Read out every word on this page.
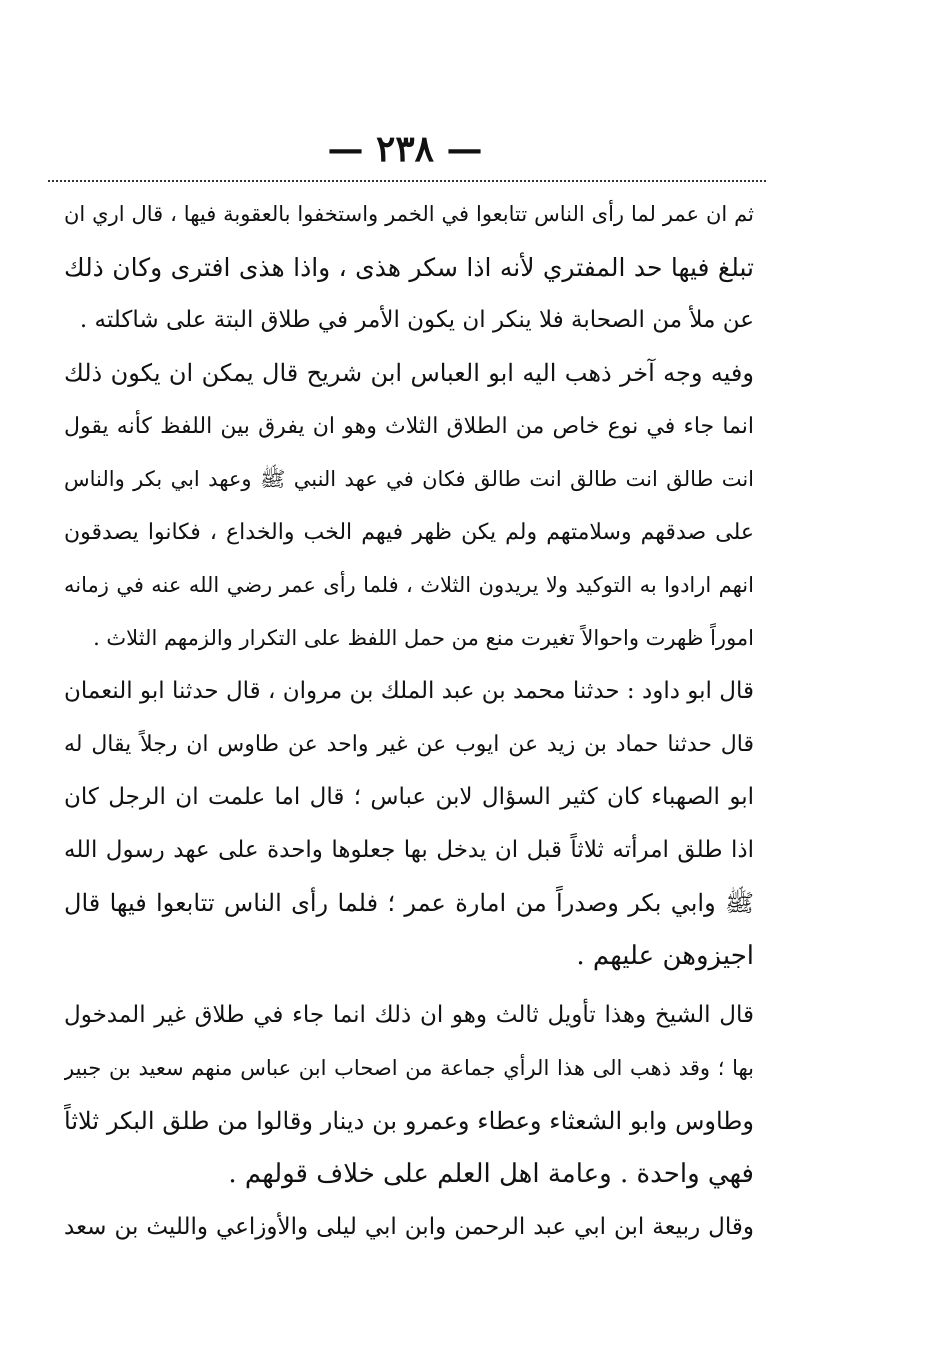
— ٢٣٨ —
ثم ان عمر لما رأى الناس تتابعوا في الخمر واستخفوا بالعقوبة فيها ، قال اري ان
تبلغ فيها حد المفتري لأنه اذا سكر هذى ، واذا هذى افترى وكان ذلك
عن ملأ من الصحابة فلا ينكر ان يكون الأمر في طلاق البتة على شاكلته .
وفيه وجه آخر ذهب اليه ابو العباس ابن شريح قال يمكن ان يكون ذلك
انما جاء في نوع خاص من الطلاق الثلاث وهو ان يفرق بين اللفظ كأنه يقول
انت طالق انت طالق انت طالق فكان في عهد النبي ﷺ وعهد ابي بكر والناس
على صدقهم وسلامتهم ولم يكن ظهر فيهم الخب والخداع ، فكانوا يصدقون
انهم ارادوا به التوكيد ولا يريدون الثلاث ، فلما رأى عمر رضي الله عنه في زمانه
اموراً ظهرت واحوالاً تغيرت منع من حمل اللفظ على التكرار والزمهم الثلاث .
قال ابو داود : حدثنا محمد بن عبد الملك بن مروان ، قال حدثنا ابو النعمان
قال حدثنا حماد بن زيد عن ايوب عن غير واحد عن طاوس ان رجلاً يقال له
ابو الصهباء كان كثير السؤال لابن عباس ؛ قال اما علمت ان الرجل كان
اذا طلق امرأته ثلاثاً قبل ان يدخل بها جعلوها واحدة على عهد رسول الله
ﷺ وابي بكر وصدراً من امارة عمر ؛ فلما رأى الناس تتابعوا فيها قال
اجيزوهن عليهم .
قال الشيخ وهذا تأويل ثالث وهو ان ذلك انما جاء في طلاق غير المدخول
بها ؛ وقد ذهب الى هذا الرأي جماعة من اصحاب ابن عباس منهم سعيد بن جبير
وطاوس وابو الشعثاء وعطاء وعمرو بن دينار وقالوا من طلق البكر ثلاثاً
فهي واحدة . وعامة اهل العلم على خلاف قولهم .
وقال ربيعة ابن ابي عبد الرحمن وابن ابي ليلى والأوزاعي والليث بن سعد
